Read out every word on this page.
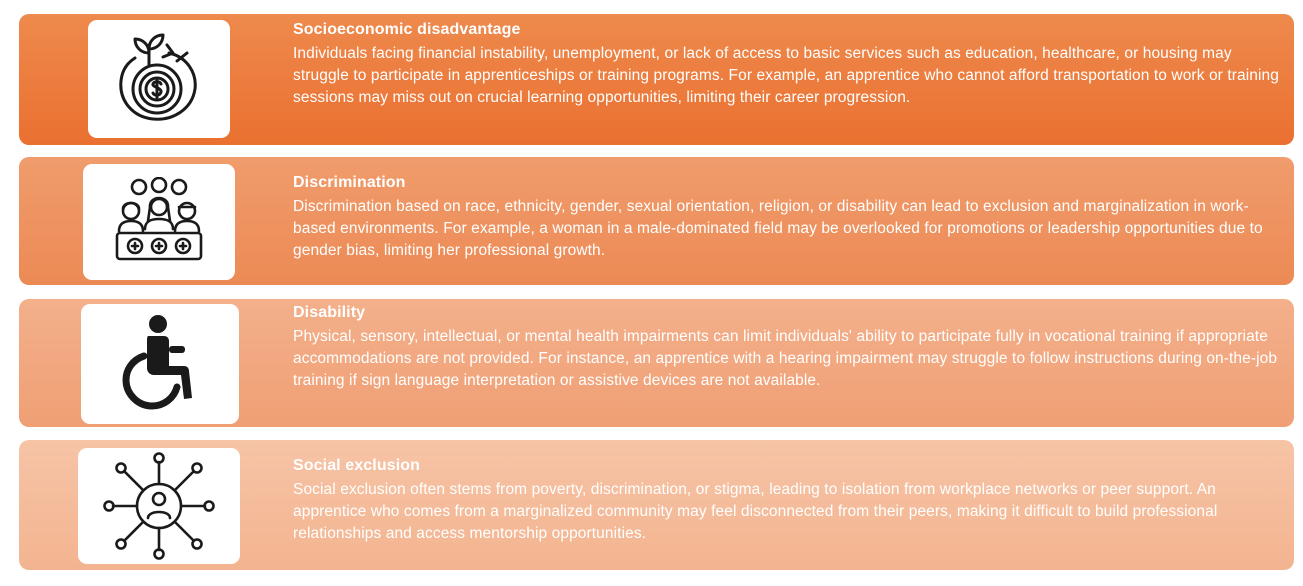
Socioeconomic disadvantage

Individuals facing financial instability, unemployment, or lack of access to basic services such as education, healthcare, or housing may struggle to participate in apprenticeships or training programs. For example, an apprentice who cannot afford transportation to work or training sessions may miss out on crucial learning opportunities, limiting their career progression.

Discrimination

Discrimination based on race, ethnicity, gender, sexual orientation, religion, or disability can lead to exclusion and marginalization in work-based environments. For example, a woman in a male-dominated field may be overlooked for promotions or leadership opportunities due to gender bias, limiting her professional growth.

Disability

Physical, sensory, intellectual, or mental health impairments can limit individuals' ability to participate fully in vocational training if appropriate accommodations are not provided. For instance, an apprentice with a hearing impairment may struggle to follow instructions during on-the-job training if sign language interpretation or assistive devices are not available.

Social exclusion

Social exclusion often stems from poverty, discrimination, or stigma, leading to isolation from workplace networks or peer support. An apprentice who comes from a marginalized community may feel disconnected from their peers, making it difficult to build professional relationships and access mentorship opportunities.
